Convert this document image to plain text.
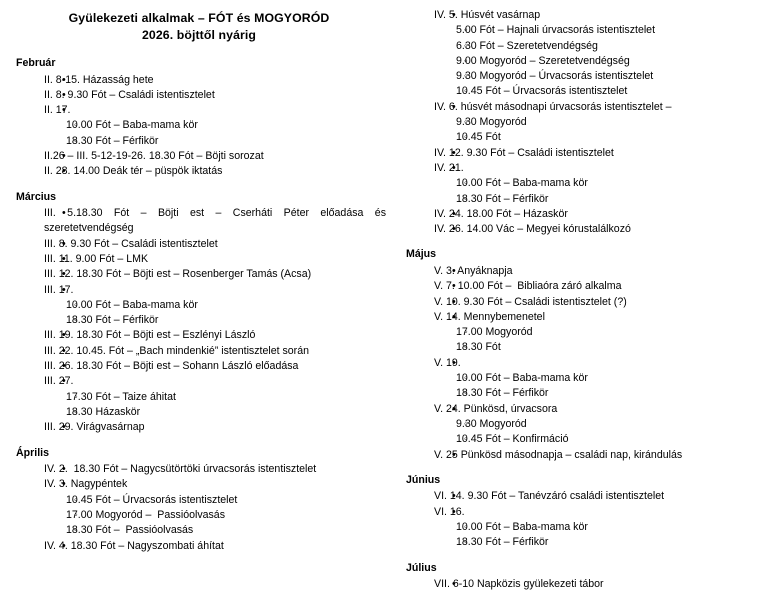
Gyülekezeti alkalmak – FÓT és MOGYORÓD
2026. böjttől nyárig
Február
• II. 8-15. Házasság hete
• II. 8. 9.30 Fót – Családi istentisztelet
• II. 17.
◦ 10.00 Fót – Baba-mama kör
◦ 18.30 Fót – Férfikör
• II.26 – III. 5-12-19-26. 18.30 Fót – Böjti sorozat
• II. 28. 14.00 Deák tér – püspök iktatás
Március
• III. 5.18.30 Fót – Böjti est – Cserháti Péter előadása és szeretetvendégség
• III. 8. 9.30 Fót – Családi istentisztelet
• III. 11. 9.00 Fót – LMK
• III. 12. 18.30 Fót – Böjti est – Rosenberger Tamás (Acsa)
• III. 17.
◦ 10.00 Fót – Baba-mama kör
◦ 18.30 Fót – Férfikör
• III. 19. 18.30 Fót – Böjti est – Eszlényi László
• III. 22. 10.45. Fót – „Bach mindenkié” istentisztelet során
• III. 26. 18.30 Fót – Böjti est – Sohann László előadása
• III. 27.
◦ 17.30 Fót – Taize áhitat
◦ 18.30 Házaskör
• III. 29. Virágvasárnap
Április
• IV. 2.  18.30 Fót – Nagycsütörtöki úrvacsorás istentisztelet
• IV. 3. Nagypéntek
◦ 10.45 Fót – Úrvacsorás istentisztelet
◦ 17.00 Mogyoród –  Passióolvasás
◦ 18.30 Fót –  Passióolvasás
• IV. 4. 18.30 Fót – Nagyszombati áhítat
• IV. 5. Húsvét vasárnap
◦ 5.00 Fót – Hajnali úrvacsorás istentisztelet
◦ 6.30 Fót – Szeretetvendégség
◦ 9.00 Mogyoród – Szeretetvendégség
◦ 9.30 Mogyoród – Úrvacsorás istentisztelet
◦ 10.45 Fót – Úrvacsorás istentisztelet
• IV. 6. húsvét másodnapi úrvacsorás istentisztelet –
◦ 9.30 Mogyoród
◦ 10.45 Fót
• IV. 12. 9.30 Fót – Családi istentisztelet
• IV. 21.
◦ 10.00 Fót – Baba-mama kör
◦ 18.30 Fót – Férfikör
• IV. 24. 18.00 Fót – Házaskör
• IV. 26. 14.00 Vác – Megyei kórustalálkozó
Május
• V. 3. Anyáknapja
• V. 7. 10.00 Fót –  Bibliaóra záró alkalma
• V. 10. 9.30 Fót – Családi istentisztelet (?)
• V. 14. Mennybemenetel
◦ 17.00 Mogyoród
◦ 18.30 Fót
• V. 19.
◦ 10.00 Fót – Baba-mama kör
◦ 18.30 Fót – Férfikör
• V. 24. Pünkösd, úrvacsora
◦ 9.30 Mogyoród
◦ 10.45 Fót – Konfirmáció
• V. 25 Pünkösd másodnapja – családi nap, kirándulás
Június
• VI. 14. 9.30 Fót – Tanévzáró családi istentisztelet
• VI. 16.
◦ 10.00 Fót – Baba-mama kör
◦ 18.30 Fót – Férfikör
Július
• VII. 6-10 Napközis gyülekezeti tábor
